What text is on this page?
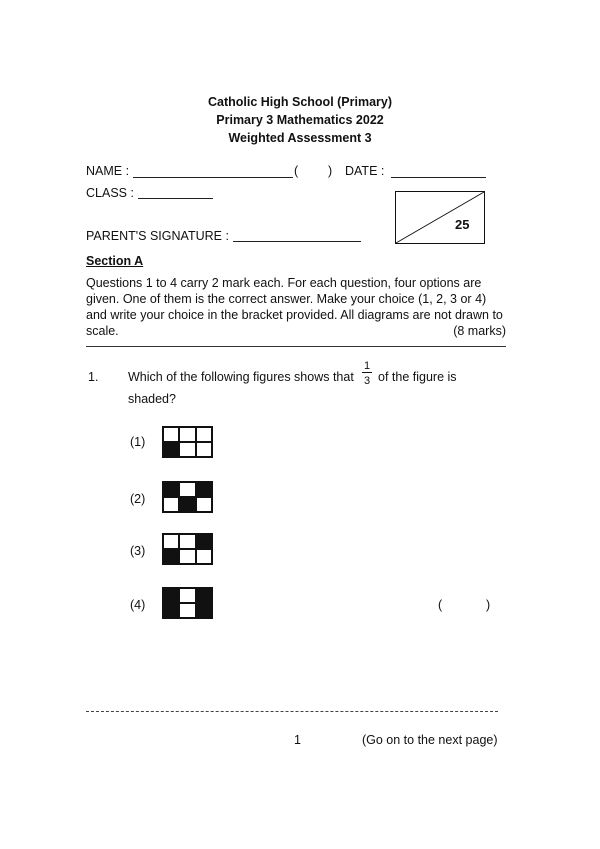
Catholic High School (Primary)
Primary 3 Mathematics 2022
Weighted Assessment 3
NAME :	( ) DATE :
CLASS :
25
PARENT'S SIGNATURE :
Section A
Questions 1 to 4 carry 2 mark each. For each question, four options are
given. One of them is the correct answer. Make your choice (1, 2, 3 or 4)
and write your choice in the bracket provided. All diagrams are not drawn to
scale.	(8 marks)
1. Which of the following figures shows that
1
3 of the figure is
shaded?
(1)
(2)
(3)
(4)	(	)
1	(Go on to the next page)
